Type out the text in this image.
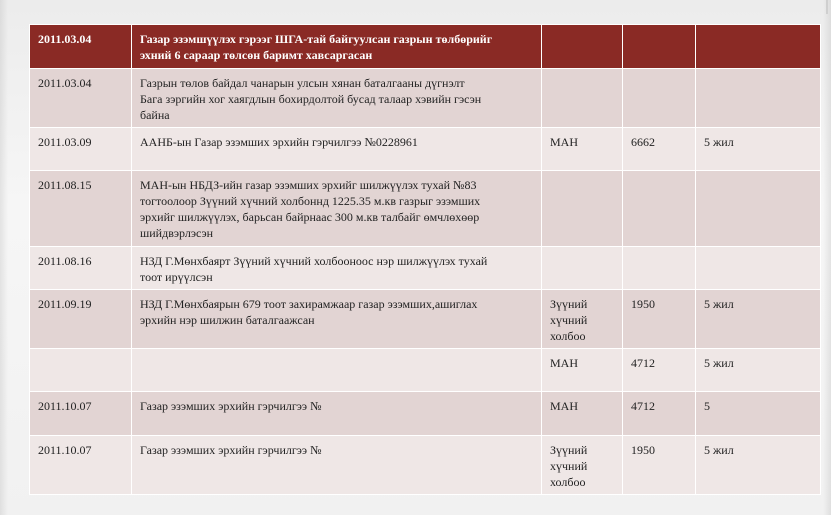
2011.03.04	Газар эзэмшүүлэх гэрээг ШГА-тай байгуулсан газрын төлбөрийг
эхний 6 сараар төлсөн баримт хавсаргасан			

2011.03.04	Газрын төлов байдал чанарын улсын хянан баталгааны дүгнэлт
Бага зэргийн хог хаягдлын бохирдолтой бусад талаар хэвийн гэсэн
байна			

2011.03.09	ААНБ-ын Газар эзэмших эрхийн гэрчилгээ №0228961	МАН	6662	5 жил

2011.08.15	МАН-ын НБДЗ-ийн газар эзэмших эрхийг шилжүүлэх тухай №83
тогтоолоор Зүүний хүчний холбоннд 1225.35 м.кв газрыг эзэмших
эрхийг шилжүүлэх, барьсан байрнаас 300 м.кв талбайг өмчлөхөөр
шийдвэрлэсэн			

2011.08.16	НЗД Г.Мөнхбаярт Зүүний хүчний холбооноос нэр шилжүүлэх тухай
тоот ирүүлсэн			

2011.09.19	НЗД Г.Мөнхбаярын 679 тоот захирамжаар газар эзэмших,ашиглах
эрхийн нэр шилжин баталгаажсан	Зүүний
хүчний
холбоо	1950	5 жил

		МАН	4712	5 жил

2011.10.07	Газар эзэмших эрхийн гэрчилгээ №	МАН	4712	5

2011.10.07	Газар эзэмших эрхийн гэрчилгээ №	Зүүний
хүчний
холбоо	1950	5 жил
